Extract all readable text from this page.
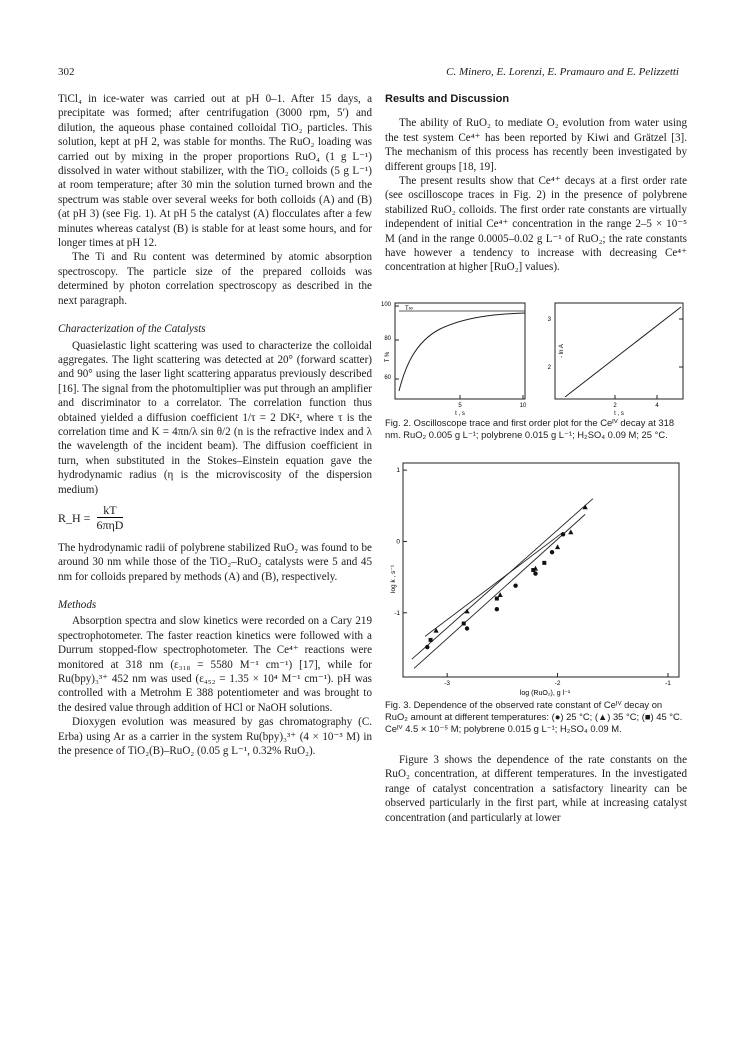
302	C. Minero, E. Lorenzi, E. Pramauro and E. Pelizzetti

TiCl₄ in ice-water was carried out at pH 0–1. After 15 days, a precipitate was formed; after centrifugation (3000 rpm, 5′) and dilution, the aqueous phase contained colloidal TiO₂ particles. This solution, kept at pH 2, was stable for months. The RuO₂ loading was carried out by mixing in the proper proportions RuO₄ (1 g L⁻¹) dissolved in water without stabilizer, with the TiO₂ colloids (5 g L⁻¹) at room temperature; after 30 min the solution turned brown and the spectrum was stable over several weeks for both colloids (A) and (B) (at pH 3) (see Fig. 1). At pH 5 the catalyst (A) flocculates after a few minutes whereas catalyst (B) is stable for at least some hours, and for longer times at pH 12.

The Ti and Ru content was determined by atomic absorption spectroscopy. The particle size of the prepared colloids was determined by photon correlation spectroscopy as described in the next paragraph.

Characterization of the Catalysts

Quasielastic light scattering was used to characterize the colloidal aggregates. The light scattering was detected at 20° (forward scatter) and 90° using the laser light scattering apparatus previously described [16]. The signal from the photomultiplier was put through an amplifier and discriminator to a correlator. The correlation function thus obtained yielded a diffusion coefficient 1/τ = 2 DK², where τ is the correlation time and K = 4πn/λ sin θ/2 (n is the refractive index and λ the wavelength of the incident beam). The diffusion coefficient in turn, when substituted in the Stokes–Einstein equation gave the hydrodynamic radius (η is the microviscosity of the dispersion medium)

R_H = $\frac{kT}{\text{6πηD}}$

The hydrodynamic radii of polybrene stabilized RuO₂ was found to be around 30 nm while those of the TiO₂–RuO₂ catalysts were 5 and 45 nm for colloids prepared by methods (A) and (B), respectively.

Methods

Absorption spectra and slow kinetics were recorded on a Cary 219 spectrophotometer. The faster reaction kinetics were followed with a Durrum stopped-flow spectrophotometer. The Ce⁴⁺ reactions were monitored at 318 nm (ε₃₁₈ = 5580 M⁻¹ cm⁻¹) [17], while for Ru(bpy)₃³⁺ 452 nm was used (ε₄₅₂ = 1.35 × 10⁴ M⁻¹ cm⁻¹). pH was controlled with a Metrohm E 388 potentiometer and was brought to the desired value through addition of HCl or NaOH solutions.

Dioxygen evolution was measured by gas chromatography (C. Erba) using Ar as a carrier in the system Ru(bpy)₃³⁺ (4 × 10⁻³ M) in the presence of TiO₂(B)–RuO₂ (0.05 g L⁻¹, 0.32% RuO₂).

Results and Discussion

The ability of RuO₂ to mediate O₂ evolution from water using the test system Ce⁴⁺ has been reported by Kiwi and Grätzel [3]. The mechanism of this process has recently been investigated by different groups [18, 19].

The present results show that Ce⁴⁺ decays at a first order rate (see oscilloscope traces in Fig. 2) in the presence of polybrene stabilized RuO₂ colloids. The first order rate constants are virtually independent of initial Ce⁴⁺ concentration in the range 2–5 × 10⁻⁵ M (and in the range 0.0005–0.02 g L⁻¹ of RuO₂; the rate constants have however a tendency to increase with decreasing Ce⁴⁺ concentration at higher [RuO₂] values).

100
80
60
T %
T∞
5	10
t , s
3
2
- ln A
2	4
t , s

Fig. 2. Oscilloscope trace and first order plot for the Ceᴵⱽ decay at 318 nm. RuO₂ 0.005 g L⁻¹; polybrene 0.015 g L⁻¹; H₂SO₄ 0.09 M; 25 °C.

log k , s⁻¹
log (RuO₂), g l⁻¹
-3	-2	-1
1
0
-1

Fig. 3. Dependence of the observed rate constant of Ceᴵⱽ decay on RuO₂ amount at different temperatures: (●) 25 °C; (▲) 35 °C; (■) 45 °C. Ceᴵⱽ 4.5 × 10⁻⁵ M; polybrene 0.015 g L⁻¹; H₂SO₄ 0.09 M.

Figure 3 shows the dependence of the rate constants on the RuO₂ concentration, at different temperatures. In the investigated range of catalyst concentration a satisfactory linearity can be observed particularly in the first part, while at increasing catalyst concentration (and particularly at lower
